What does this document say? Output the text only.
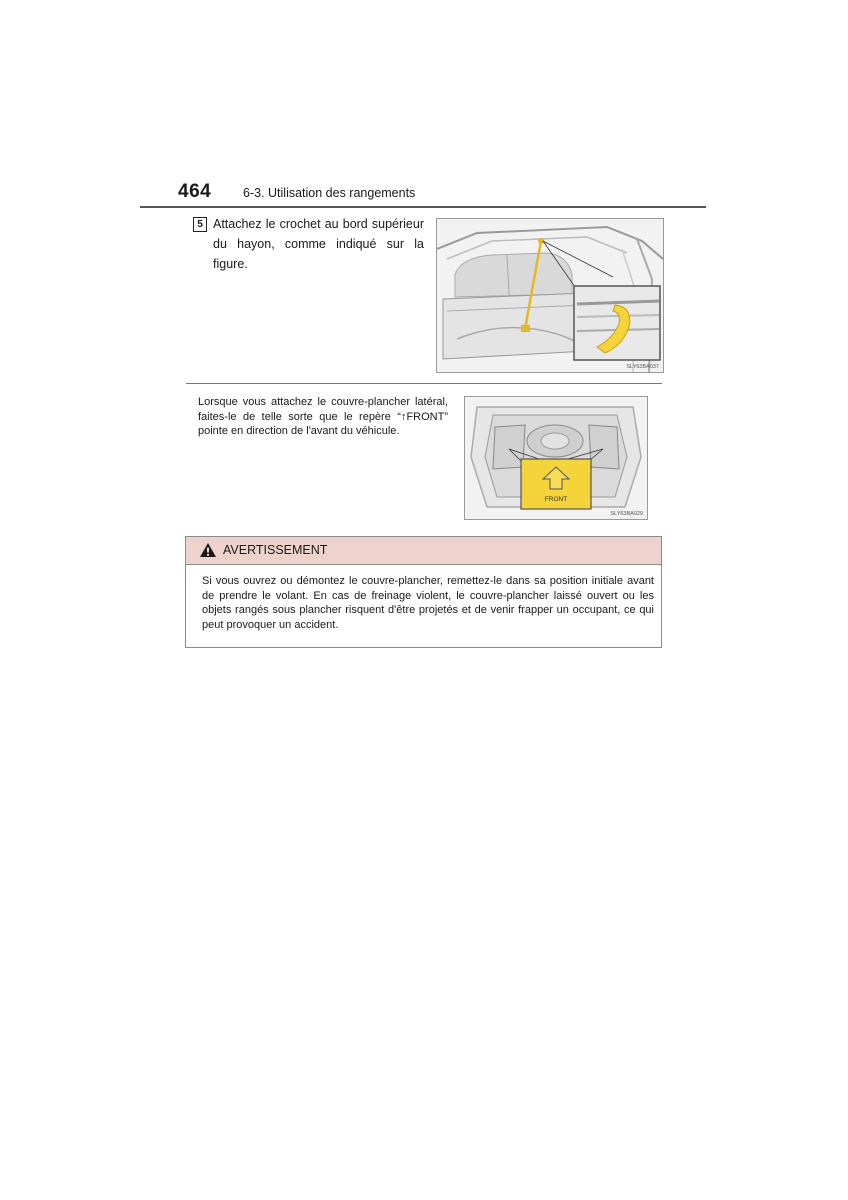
464	6-3. Utilisation des rangements
5 Attachez le crochet au bord supérieur du hayon, comme indiqué sur la figure.
SLY63BA037
Lorsque vous attachez le couvre-plancher latéral, faites-le de telle sorte que le repère “↑FRONT” pointe en direction de l'avant du véhicule.
FRONT
SLY63BA029
AVERTISSEMENT
Si vous ouvrez ou démontez le couvre-plancher, remettez-le dans sa position initiale avant de prendre le volant. En cas de freinage violent, le couvre-plancher laissé ouvert ou les objets rangés sous plancher risquent d'être projetés et de venir frapper un occupant, ce qui peut provoquer un accident.
